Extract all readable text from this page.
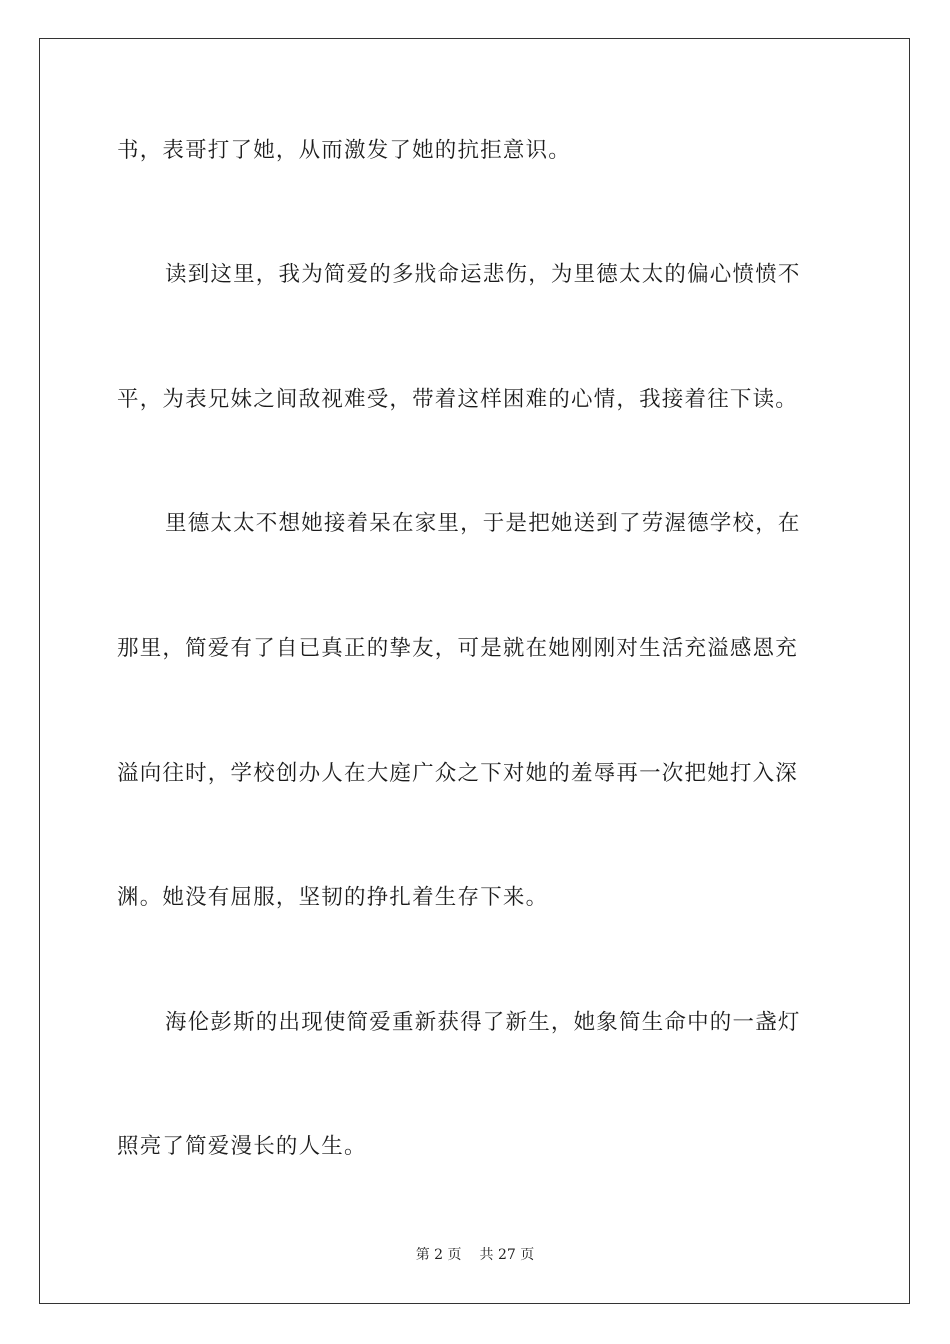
书，表哥打了她，从而激发了她的抗拒意识。
读到这里，我为简爱的多戕命运悲伤，为里德太太的偏心愤愤不
平，为表兄妹之间敌视难受，带着这样困难的心情，我接着往下读。
里德太太不想她接着呆在家里，于是把她送到了劳渥德学校，在
那里，简爱有了自已真正的挚友，可是就在她刚刚对生活充溢感恩充
溢向往时，学校创办人在大庭广众之下对她的羞辱再一次把她打入深
渊。她没有屈服，坚韧的挣扎着生存下来。
海伦彭斯的出现使简爱重新获得了新生，她象简生命中的一盏灯
照亮了简爱漫长的人生。
第 2 页 共 27 页
